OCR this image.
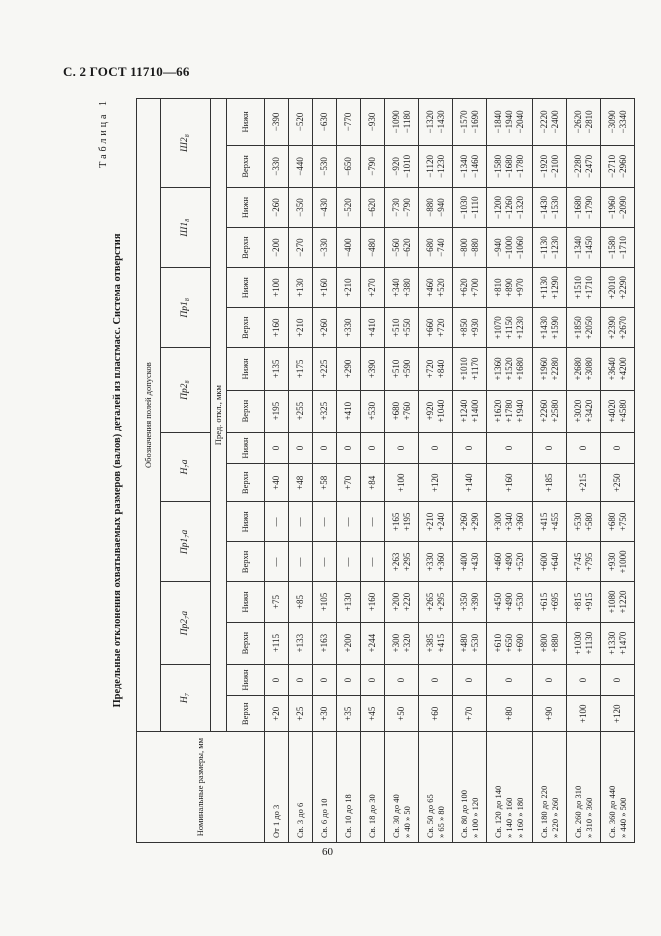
С. 2 ГОСТ 11710—66
Таблица 1
Предельные отклонения охватываемых размеров (валов) деталей из пластмасс. Система отверстия
Номинальные размеры, мм	Обозначения полей допусков															
	Н₇		Пр2₇а		Пр1₇а		Н₇а		Пр2₈		Пр1₈		Ш1₈		Ш2₈	
	Пред. откл., мкм															
	Верхн	Нижн	Верхн	Нижн	Верхн	Нижн	Верхн	Нижн	Верхн	Нижн	Верхн	Нижн	Верхн	Нижн	Верхн	Нижн

От 1 до 3	+20	0	+115	+75	—	—	+40	0	+195	+135	+160	+100	−200	−260	−330	−390

Св. 3 до 6	+25	0	+133	+85	—	—	+48	0	+255	+175	+210	+130	−270	−350	−440	−520

Св. 6 до 10	+30	0	+163	+105	—	—	+58	0	+325	+225	+260	+160	−330	−430	−530	−630

Св. 10 до 18	+35	0	+200	+130	—	—	+70	0	+410	+290	+330	+210	−400	−520	−650	−770

Св. 18 до 30	+45	0	+244	+160	—	—	+84	0	+530	+390	+410	+270	−480	−620	−790	−930

Св. 30 до 40 » 40 » 50	+50	0	+300 +320	+200 +220	+263 +295	+165 +195	+100	0	+680 +760	+510 +590	+510 +550	+340 +380	−560 −620	−730 −790	−920 −1010	−1090 −1180

Св. 50 до 65 » 65 » 80	+60	0	+385 +415	+265 +295	+330 +360	+210 +240	+120	0	+920 +1040	+720 +840	+660 +720	+460 +520	−680 −740	−880 −940	−1120 −1230	−1320 −1430

Св. 80 до 100 » 100 » 120	+70	0	+480 +530	+350 +390	+400 +430	+260 +290	+140	0	+1240 +1400	+1010 +1170	+850 +930	+620 +700	−800 −880	−1030 −1110	−1340 −1460	−1570 −1690

Св. 120 до 140 » 140 » 160 » 160 » 180	+80	0	+610 +650 +690	+450 +490 +530	+460 +490 +520	+300 +340 +360	+160	0	+1620 +1780 +1940	+1360 +1520 +1680	+1070 +1150 +1230	+810 +890 +970	−940 −1000 −1060	−1200 −1260 −1320	−1580 −1680 −1780	−1840 −1940 −2040

Св. 180 до 220 » 220 » 260	+90	0	+800 +880	+615 +695	+600 +640	+415 +455	+185	0	+2260 +2580	+1960 +2280	+1430 +1590	+1130 +1290	−1130 −1230	−1430 −1530	−1920 −2100	−2220 −2400

Св. 260 до 310 » 310 » 360	+100	0	+1030 +1130	+815 +915	+745 +795	+530 +580	+215	0	+3020 +3420	+2680 +3080	+1850 +2050	+1510 +1710	−1340 −1450	−1680 −1790	−2280 −2470	−2620 −2810

Св. 360 до 440 » 440 » 500	+120	0	+1330 +1470	+1080 +1220	+930 +1000	+680 +750	+250	0	+4020 +4580	+3640 +4200	+2390 +2670	+2010 +2290	−1580 −1710	−1960 −2090	−2710 −2960	−3090 −3340
60
